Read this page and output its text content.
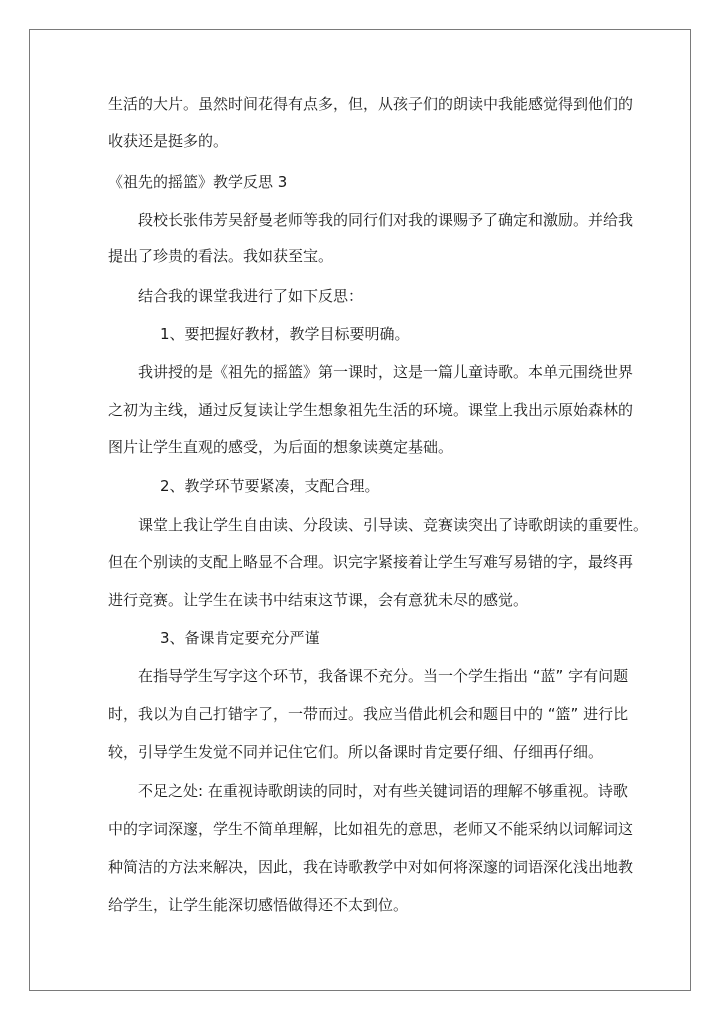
生活的大片。虽然时间花得有点多，但，从孩子们的朗读中我能感觉得到他们的
收获还是挺多的。
《祖先的摇篮》教学反思 3
段校长张伟芳吴舒曼老师等我的同行们对我的课赐予了确定和激励。并给我
提出了珍贵的看法。我如获至宝。
结合我的课堂我进行了如下反思：
1、要把握好教材，教学目标要明确。
我讲授的是《祖先的摇篮》第一课时，这是一篇儿童诗歌。本单元围绕世界
之初为主线，通过反复读让学生想象祖先生活的环境。课堂上我出示原始森林的
图片让学生直观的感受，为后面的想象读奠定基础。
2、教学环节要紧凑，支配合理。
课堂上我让学生自由读、分段读、引导读、竞赛读突出了诗歌朗读的重要性。
但在个别读的支配上略显不合理。识完字紧接着让学生写难写易错的字，最终再
进行竞赛。让学生在读书中结束这节课，会有意犹未尽的感觉。
3、备课肯定要充分严谨
在指导学生写字这个环节，我备课不充分。当一个学生指出 “蓝” 字有问题
时，我以为自己打错字了，一带而过。我应当借此机会和题目中的 “篮” 进行比
较，引导学生发觉不同并记住它们。所以备课时肯定要仔细、仔细再仔细。
不足之处: 在重视诗歌朗读的同时，对有些关键词语的理解不够重视。诗歌
中的字词深邃，学生不简单理解，比如祖先的意思，老师又不能采纳以词解词这
种简洁的方法来解决，因此，我在诗歌教学中对如何将深邃的词语深化浅出地教
给学生，让学生能深切感悟做得还不太到位。
